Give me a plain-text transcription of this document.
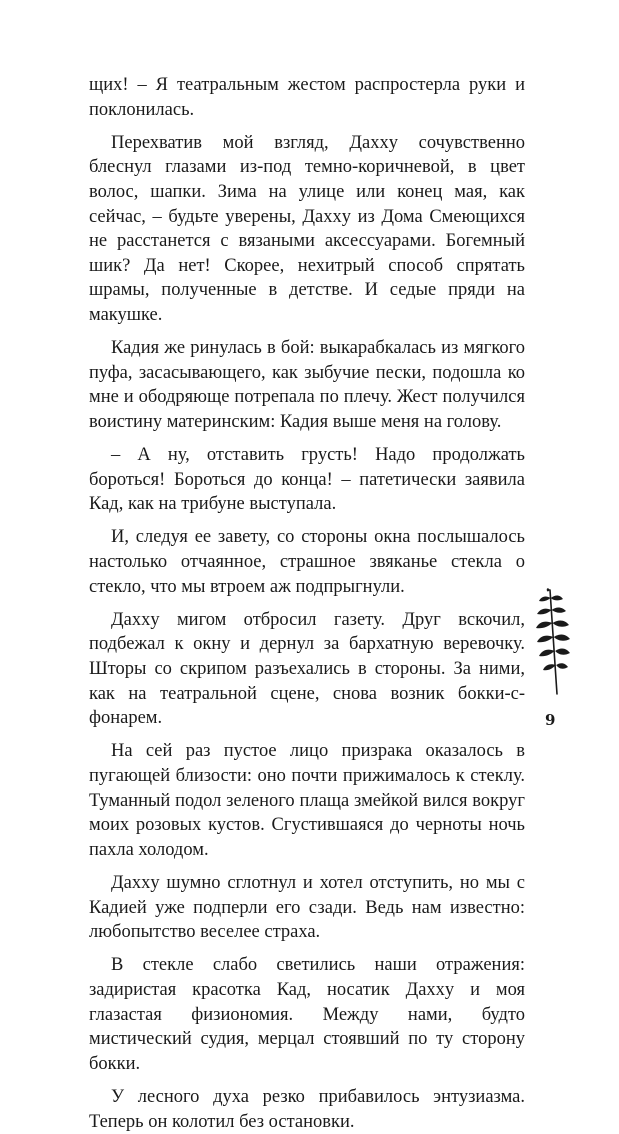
щих! – Я театральным жестом распростерла руки и поклонилась.

Перехватив мой взгляд, Даххy сочувственно блеснул глазами из-под темно-коричневой, в цвет волос, шапки. Зима на улице или конец мая, как сейчас, – будьте уверены, Даххy из Дома Смеющихся не расстанется с вязаными аксессуарами. Богемный шик? Да нет! Скорее, нехитрый способ спрятать шрамы, полученные в детстве. И седые пряди на макушке.

Кадия же ринулась в бой: выкарабкалась из мягкого пуфа, засасывающего, как зыбучие пески, подошла ко мне и ободряюще потрепала по плечу. Жест получился воистину материнским: Кадия выше меня на голову.

– А ну, отставить грусть! Надо продолжать бороться! Бороться до конца! – патетически заявила Кад, как на трибуне выступала.

И, следуя ее завету, со стороны окна послышалось настолько отчаянное, страшное звяканье стекла о стекло, что мы втроем аж подпрыгнули.

Даххy мигом отбросил газету. Друг вскочил, подбежал к окну и дернул за бархатную веревочку. Шторы со скрипом разъехались в стороны. За ними, как на театральной сцене, снова возник бокки-с-фонарем.

На сей раз пустое лицо призрака оказалось в пугающей близости: оно почти прижималось к стеклу. Туманный подол зеленого плаща змейкой вился вокруг моих розовых кустов. Сгустившаяся до черноты ночь пахла холодом.

Даххy шумно сглотнул и хотел отступить, но мы с Кадией уже подперли его сзади. Ведь нам известно: любопытство веселее страха.

В стекле слабо светились наши отражения: задиристая красотка Кад, носатик Даххy и моя глазастая физиономия. Между нами, будто мистический судия, мерцал стоявший по ту сторону бокки.

У лесного духа резко прибавилось энтузиазма. Теперь он колотил без остановки.

9
